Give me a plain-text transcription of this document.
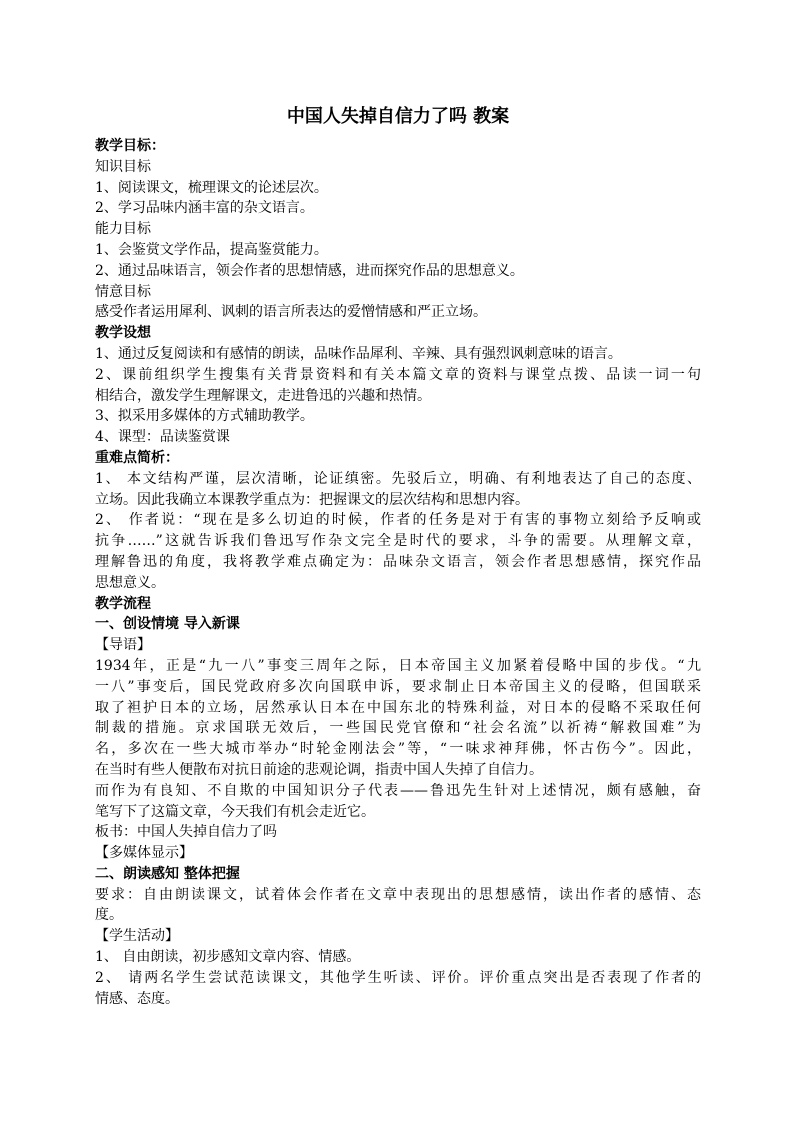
中国人失掉自信力了吗 教案

教学目标：

知识目标

1、阅读课文，梳理课文的论述层次。

2、学习品味内涵丰富的杂文语言。

能力目标

1、会鉴赏文学作品，提高鉴赏能力。

2、通过品味语言，领会作者的思想情感，进而探究作品的思想意义。

情意目标

感受作者运用犀利、讽刺的语言所表达的爱憎情感和严正立场。

教学设想

1、通过反复阅读和有感情的朗读，品味作品犀利、辛辣、具有强烈讽刺意味的语言。

2、课前组织学生搜集有关背景资料和有关本篇文章的资料与课堂点拨、品读一词一句

相结合，激发学生理解课文，走进鲁迅的兴趣和热情。

3、拟采用多媒体的方式辅助教学。

4、课型：品读鉴赏课

重难点简析：

1、 本文结构严谨，层次清晰，论证缜密。先驳后立，明确、有利地表达了自己的态度、

立场。因此我确立本课教学重点为：把握课文的层次结构和思想内容。

2、 作者说：“现在是多么切迫的时候，作者的任务是对于有害的事物立刻给予反响或

抗争……”这就告诉我们鲁迅写作杂文完全是时代的要求，斗争的需要。从理解文章，

理解鲁迅的角度，我将教学难点确定为：品味杂文语言，领会作者思想感情，探究作品

思想意义。

教学流程

一、创设情境 导入新课

【导语】

1934年，正是“九一八”事变三周年之际，日本帝国主义加紧着侵略中国的步伐。“九

一八”事变后，国民党政府多次向国联申诉，要求制止日本帝国主义的侵略，但国联采

取了袒护日本的立场，居然承认日本在中国东北的特殊利益，对日本的侵略不采取任何

制裁的措施。京求国联无效后，一些国民党官僚和“社会名流”以祈祷“解救国难”为

名，多次在一些大城市举办“时轮金刚法会”等，“一味求神拜佛，怀古伤今”。因此，

在当时有些人便散布对抗日前途的悲观论调，指责中国人失掉了自信力。

而作为有良知、不自欺的中国知识分子代表——鲁迅先生针对上述情况，颇有感触，奋

笔写下了这篇文章，今天我们有机会走近它。

板书：中国人失掉自信力了吗

【多媒体显示】

二、朗读感知 整体把握

要求：自由朗读课文，试着体会作者在文章中表现出的思想感情，读出作者的感情、态

度。

【学生活动】

1、 自由朗读，初步感知文章内容、情感。

2、 请两名学生尝试范读课文，其他学生听读、评价。评价重点突出是否表现了作者的

情感、态度。
